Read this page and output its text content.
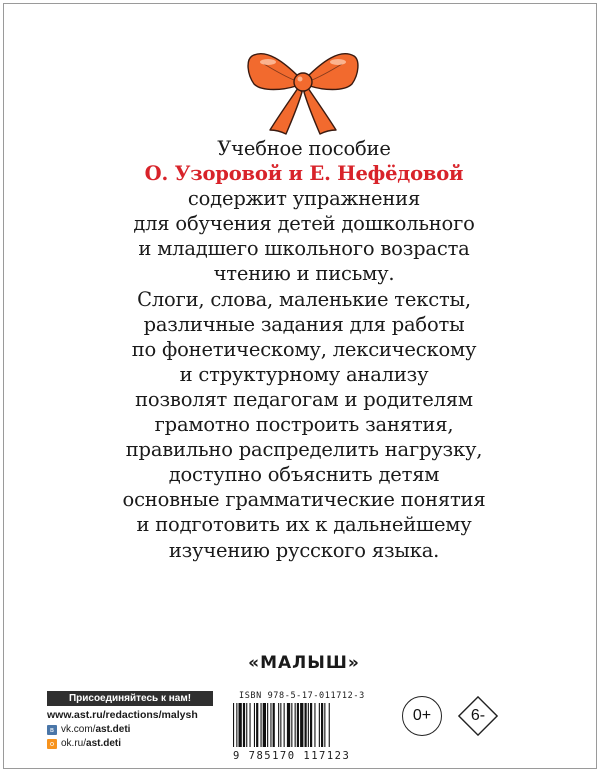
Учебное пособие
О. Узоровой и Е. Нефёдовой
содержит упражнения
для обучения детей дошкольного
и младшего школьного возраста
чтению и письму.
Слоги, слова, маленькие тексты,
различные задания для работы
по фонетическому, лексическому
и структурному анализу
позволят педагогам и родителям
грамотно построить занятия,
правильно распределить нагрузку,
доступно объяснить детям
основные грамматические понятия
и подготовить их к дальнейшему
изучению русского языка.
«МАЛЫШ»
Присоединяйтесь к нам!
www.ast.ru/redactions/malysh
в vk.com/ ast.deti
о ok.ru/ ast.deti
ISBN 978-5-17-011712-3
9 785170 117123
0+	6-
